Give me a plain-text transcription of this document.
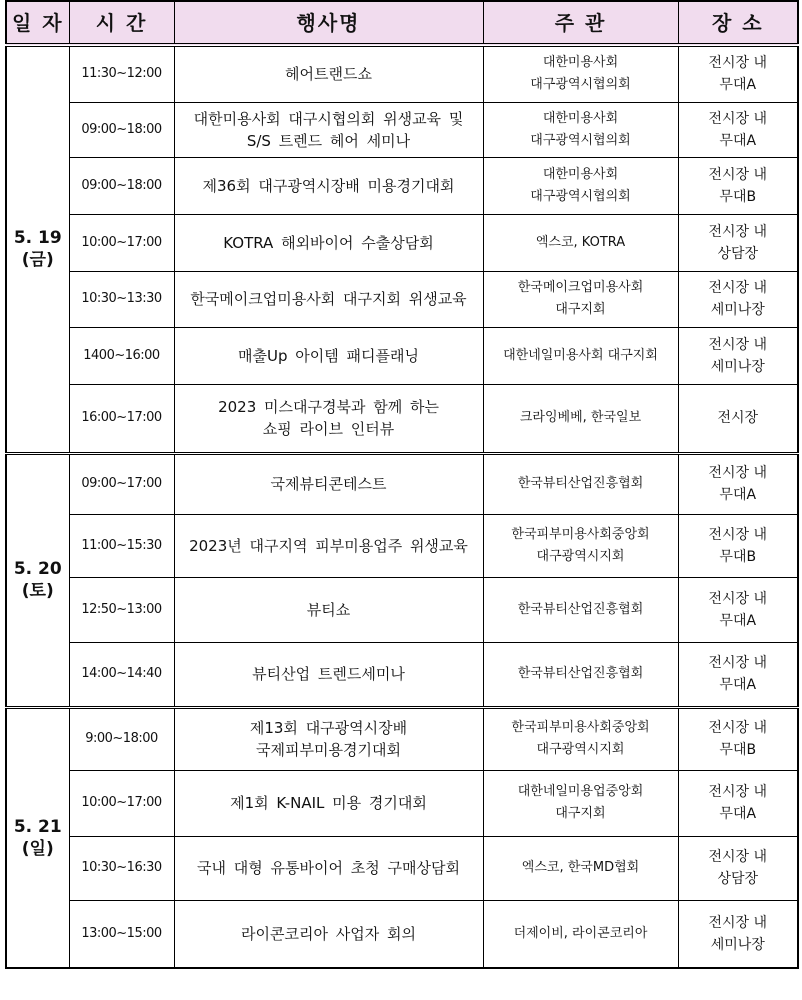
일 자	시 간	행사명	주 관	장 소

5. 19
(금)	11:30~12:00	헤어트랜드쇼	대한미용사회
대구광역시협의회	전시장 내
무대A

	09:00~18:00	대한미용사회 대구시협의회 위생교육 및
S/S 트렌드 헤어 세미나	대한미용사회
대구광역시협의회	전시장 내
무대A

	09:00~18:00	제36회 대구광역시장배 미용경기대회	대한미용사회
대구광역시협의회	전시장 내
무대B

	10:00~17:00	KOTRA 해외바이어 수출상담회	엑스코, KOTRA	전시장 내
상담장

	10:30~13:30	한국메이크업미용사회 대구지회 위생교육	한국메이크업미용사회
대구지회	전시장 내
세미나장

	1400~16:00	매출Up 아이템 패디플래닝	대한네일미용사회 대구지회	전시장 내
세미나장

	16:00~17:00	2023 미스대구경북과 함께 하는
쇼핑 라이브 인터뷰	크라잉베베, 한국일보	전시장

5. 20
(토)	09:00~17:00	국제뷰티콘테스트	한국뷰티산업진흥협회	전시장 내
무대A

	11:00~15:30	2023년 대구지역 피부미용업주 위생교육	한국피부미용사회중앙회
대구광역시지회	전시장 내
무대B

	12:50~13:00	뷰티쇼	한국뷰티산업진흥협회	전시장 내
무대A

	14:00~14:40	뷰티산업 트렌드세미나	한국뷰티산업진흥협회	전시장 내
무대A

5. 21
(일)	9:00~18:00	제13회 대구광역시장배
국제피부미용경기대회	한국피부미용사회중앙회
대구광역시지회	전시장 내
무대B

	10:00~17:00	제1회 K-NAIL 미용 경기대회	대한네일미용업중앙회
대구지회	전시장 내
무대A

	10:30~16:30	국내 대형 유통바이어 초청 구매상담회	엑스코, 한국MD협회	전시장 내
상담장

	13:00~15:00	라이콘코리아 사업자 회의	더제이비, 라이콘코리아	전시장 내
세미나장
